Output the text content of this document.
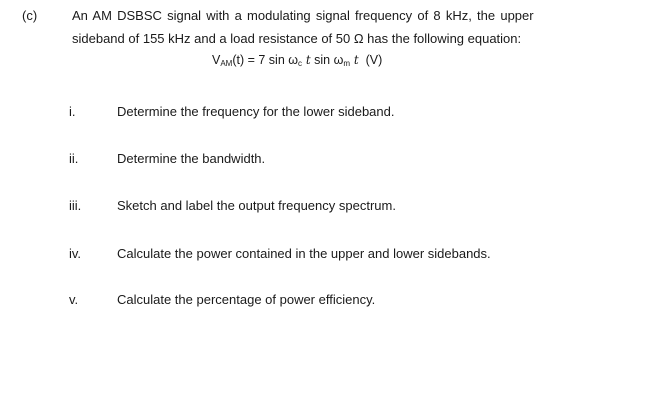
(c)	An AM DSBSC signal with a modulating signal frequency of 8 kHz, the upper
sideband of 155 kHz and a load resistance of 50 Ω has the following equation:
$V_{AM}(t) = 7$ $\sin \omega_c$ t $\sin \omega_m$ t  (V)
i.	Determine the frequency for the lower sideband.
ii.	Determine the bandwidth.
iii.	Sketch and label the output frequency spectrum.
iv.	Calculate the power contained in the upper and lower sidebands.
v.	Calculate the percentage of power efficiency.
